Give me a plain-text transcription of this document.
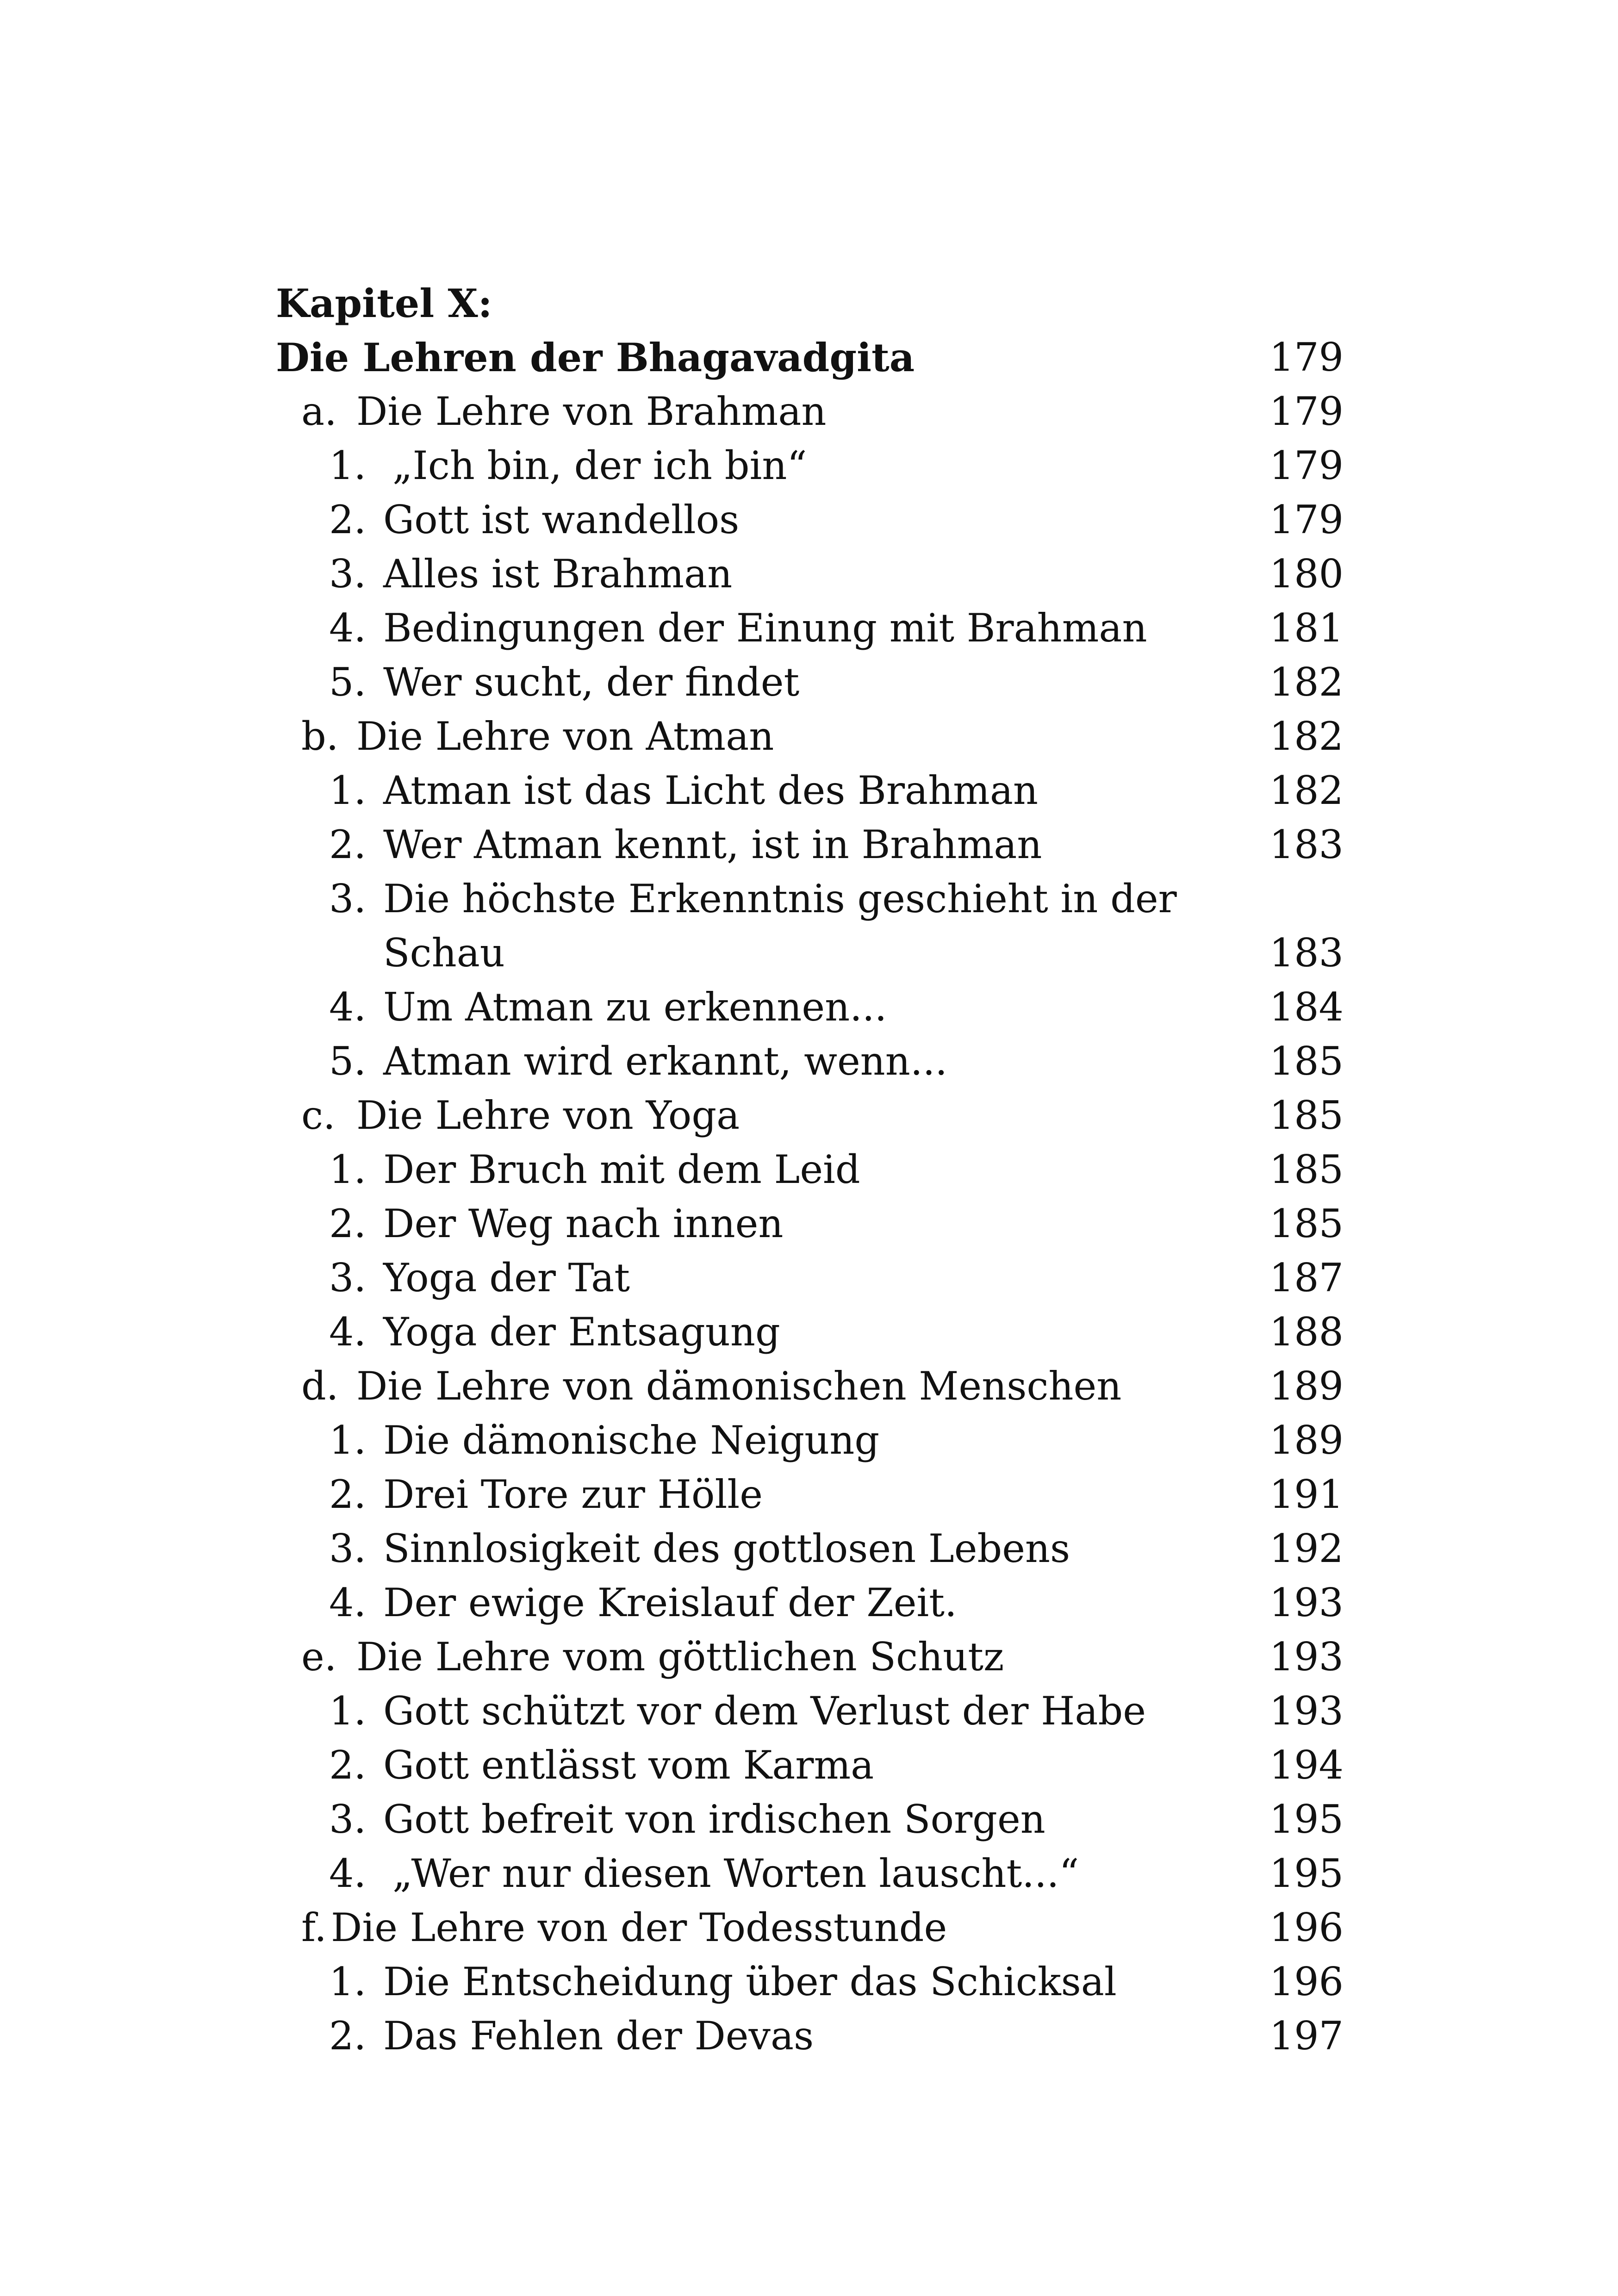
Kapitel X:
Die Lehren der Bhagavadgita	179
a. Die Lehre von Brahman	179
1. „Ich bin, der ich bin“	179
2. Gott ist wandellos	179
3. Alles ist Brahman	180
4. Bedingungen der Einung mit Brahman	181
5. Wer sucht, der findet	182
b. Die Lehre von Atman	182
1. Atman ist das Licht des Brahman	182
2. Wer Atman kennt, ist in Brahman	183
3. Die höchste Erkenntnis geschieht in der
Schau	183
4. Um Atman zu erkennen...	184
5. Atman wird erkannt, wenn...	185
c. Die Lehre von Yoga	185
1. Der Bruch mit dem Leid	185
2. Der Weg nach innen	185
3. Yoga der Tat	187
4. Yoga der Entsagung	188
d. Die Lehre von dämonischen Menschen	189
1. Die dämonische Neigung	189
2. Drei Tore zur Hölle	191
3. Sinnlosigkeit des gottlosen Lebens	192
4. Der ewige Kreislauf der Zeit.	193
e. Die Lehre vom göttlichen Schutz	193
1. Gott schützt vor dem Verlust der Habe	193
2. Gott entlässt vom Karma	194
3. Gott befreit von irdischen Sorgen	195
4. „Wer nur diesen Worten lauscht...“	195
f. Die Lehre von der Todesstunde	196
1. Die Entscheidung über das Schicksal	196
2. Das Fehlen der Devas	197
